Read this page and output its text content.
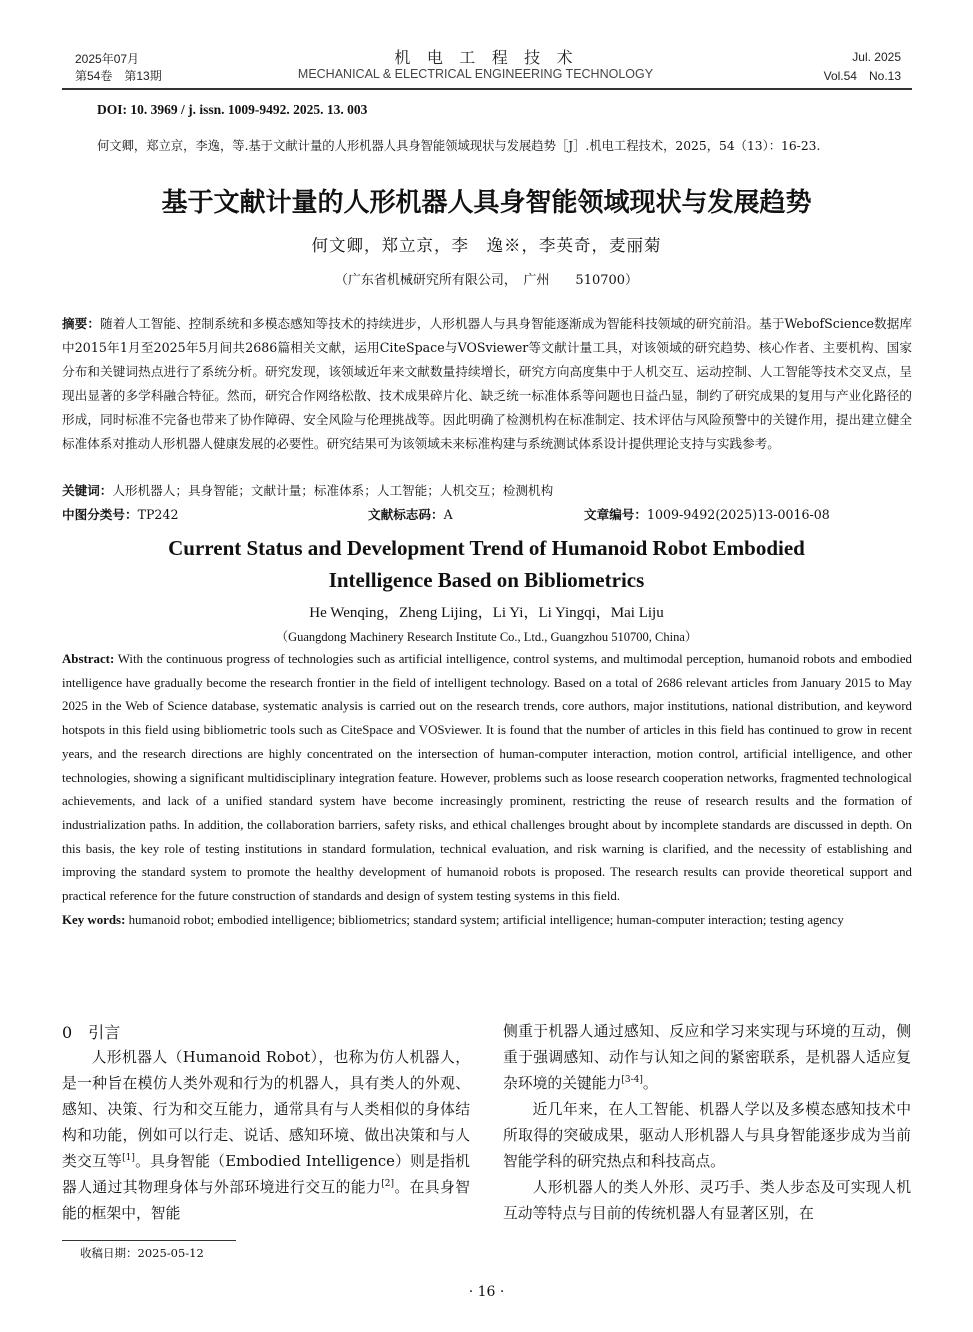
2025年07月
第54卷　第13期
机 电 工 程 技 术
MECHANICAL & ELECTRICAL ENGINEERING TECHNOLOGY
Jul. 2025
Vol.54　No.13
DOI: 10. 3969 / j. issn. 1009-9492. 2025. 13. 003
何文卿，郑立京，李逸，等.基于文献计量的人形机器人具身智能领域现状与发展趋势［J］.机电工程技术，2025，54（13）：16-23.
基于文献计量的人形机器人具身智能领域现状与发展趋势
何文卿，郑立京，李　逸※，李英奇，麦丽菊
（广东省机械研究所有限公司，　广州　　510700）
摘要：随着人工智能、控制系统和多模态感知等技术的持续进步，人形机器人与具身智能逐渐成为智能科技领域的研究前沿。基于WebofScience数据库中2015年1月至2025年5月间共2686篇相关文献，运用CiteSpace与VOSviewer等文献计量工具，对该领域的研究趋势、核心作者、主要机构、国家分布和关键词热点进行了系统分析。研究发现，该领域近年来文献数量持续增长，研究方向高度集中于人机交互、运动控制、人工智能等技术交叉点，呈现出显著的多学科融合特征。然而，研究合作网络松散、技术成果碎片化、缺乏统一标准体系等问题也日益凸显，制约了研究成果的复用与产业化路径的形成，同时标准不完备也带来了协作障碍、安全风险与伦理挑战等。因此明确了检测机构在标准制定、技术评估与风险预警中的关键作用，提出建立健全标准体系对推动人形机器人健康发展的必要性。研究结果可为该领域未来标准构建与系统测试体系设计提供理论支持与实践参考。
关键词：人形机器人；具身智能；文献计量；标准体系；人工智能；人机交互；检测机构
中图分类号：TP242	文献标志码：A	文章编号：1009-9492(2025)13-0016-08
Current Status and Development Trend of Humanoid Robot Embodied
Intelligence Based on Bibliometrics
He Wenqing，Zheng Lijing，Li Yi，Li Yingqi，Mai Liju
（Guangdong Machinery Research Institute Co., Ltd., Guangzhou 510700, China）
Abstract: With the continuous progress of technologies such as artificial intelligence, control systems, and multimodal perception, humanoid robots and embodied intelligence have gradually become the research frontier in the field of intelligent technology. Based on a total of 2686 relevant articles from January 2015 to May 2025 in the Web of Science database, systematic analysis is carried out on the research trends, core authors, major institutions, national distribution, and keyword hotspots in this field using bibliometric tools such as CiteSpace and VOSviewer. It is found that the number of articles in this field has continued to grow in recent years, and the research directions are highly concentrated on the intersection of human-computer interaction, motion control, artificial intelligence, and other technologies, showing a significant multidisciplinary integration feature. However, problems such as loose research cooperation networks, fragmented technological achievements, and lack of a unified standard system have become increasingly prominent, restricting the reuse of research results and the formation of industrialization paths. In addition, the collaboration barriers, safety risks, and ethical challenges brought about by incomplete standards are discussed in depth. On this basis, the key role of testing institutions in standard formulation, technical evaluation, and risk warning is clarified, and the necessity of establishing and improving the standard system to promote the healthy development of humanoid robots is proposed. The research results can provide theoretical support and practical reference for the future construction of standards and design of system testing systems in this field.
Key words: humanoid robot; embodied intelligence; bibliometrics; standard system; artificial intelligence; human-computer interaction; testing agency
0 引言

人形机器人（Humanoid Robot），也称为仿人机器人，是一种旨在模仿人类外观和行为的机器人，具有类人的外观、感知、决策、行为和交互能力，通常具有与人类相似的身体结构和功能，例如可以行走、说话、感知环境、做出决策和与人类交互等[1]。具身智能（Embodied Intelligence）则是指机器人通过其物理身体与外部环境进行交互的能力[2]。在具身智能的框架中，智能

侧重于机器人通过感知、反应和学习来实现与环境的互动，侧重于强调感知、动作与认知之间的紧密联系，是机器人适应复杂环境的关键能力[3-4]。

近几年来，在人工智能、机器人学以及多模态感知技术中所取得的突破成果，驱动人形机器人与具身智能逐步成为当前智能学科的研究热点和科技高点。

人形机器人的类人外形、灵巧手、类人步态及可实现人机互动等特点与目前的传统机器人有显著区别，在

收稿日期：2025-05-12
· 16 ·
